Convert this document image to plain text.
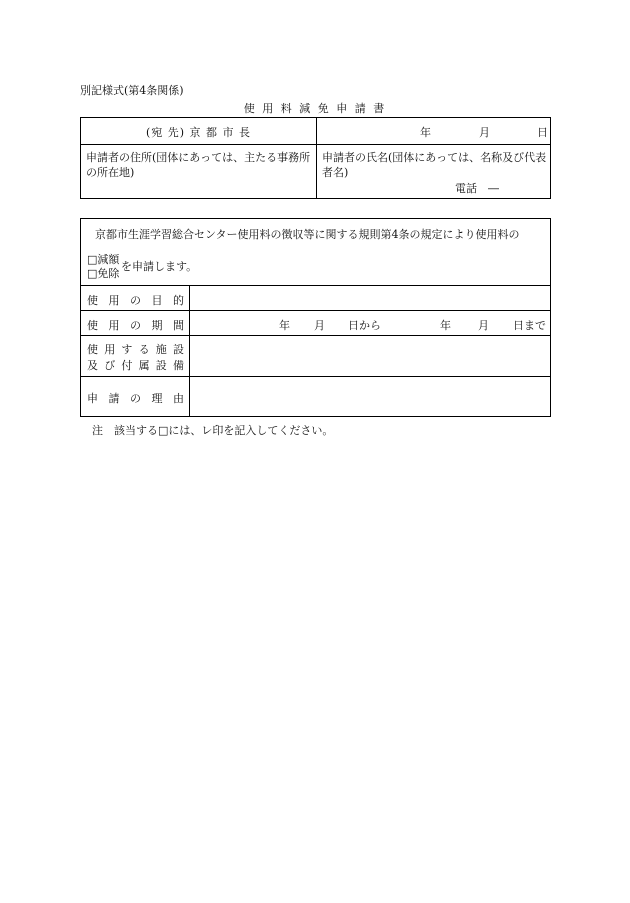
別記様式(第4条関係)
使 用 料 減 免 申 請 書
(宛 先) 京 都 市 長	年	月	日
申請者の住所(団体にあっては、主たる事務所の所在地)
申請者の氏名(団体にあっては、名称及び代表者名)
電話　―
京都市生涯学習総合センター使用料の徴収等に関する規則第4条の規定により使用料の
□減額
□免除
を申請します。
使 用 の 目 的
使 用 の 期 間	年 月 日から	年 月 日まで
使 用 す る 施 設
及 び 付 属 設 備
申 請 の 理 由
注　該当する□には、レ印を記入してください。
